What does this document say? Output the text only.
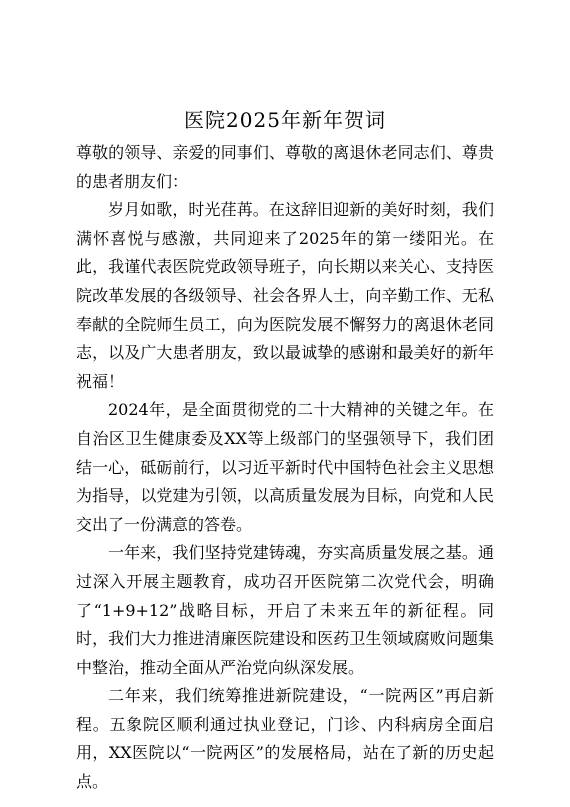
医院2025年新年贺词

尊敬的领导、亲爱的同事们、尊敬的离退休老同志们、尊贵的患者朋友们：

岁月如歌，时光荏苒。在这辞旧迎新的美好时刻，我们满怀喜悦与感激，共同迎来了2025年的第一缕阳光。在此，我谨代表医院党政领导班子，向长期以来关心、支持医院改革发展的各级领导、社会各界人士，向辛勤工作、无私奉献的全院师生员工，向为医院发展不懈努力的离退休老同志，以及广大患者朋友，致以最诚挚的感谢和最美好的新年祝福！

2024年，是全面贯彻党的二十大精神的关键之年。在自治区卫生健康委及XX等上级部门的坚强领导下，我们团结一心，砥砺前行，以习近平新时代中国特色社会主义思想为指导，以党建为引领，以高质量发展为目标，向党和人民交出了一份满意的答卷。

一年来，我们坚持党建铸魂，夯实高质量发展之基。通过深入开展主题教育，成功召开医院第二次党代会，明确了“1+9+12”战略目标，开启了未来五年的新征程。同时，我们大力推进清廉医院建设和医药卫生领域腐败问题集中整治，推动全面从严治党向纵深发展。

二年来，我们统筹推进新院建设，“一院两区”再启新程。五象院区顺利通过执业登记，门诊、内科病房全面启用，XX医院以“一院两区”的发展格局，站在了新的历史起点。
